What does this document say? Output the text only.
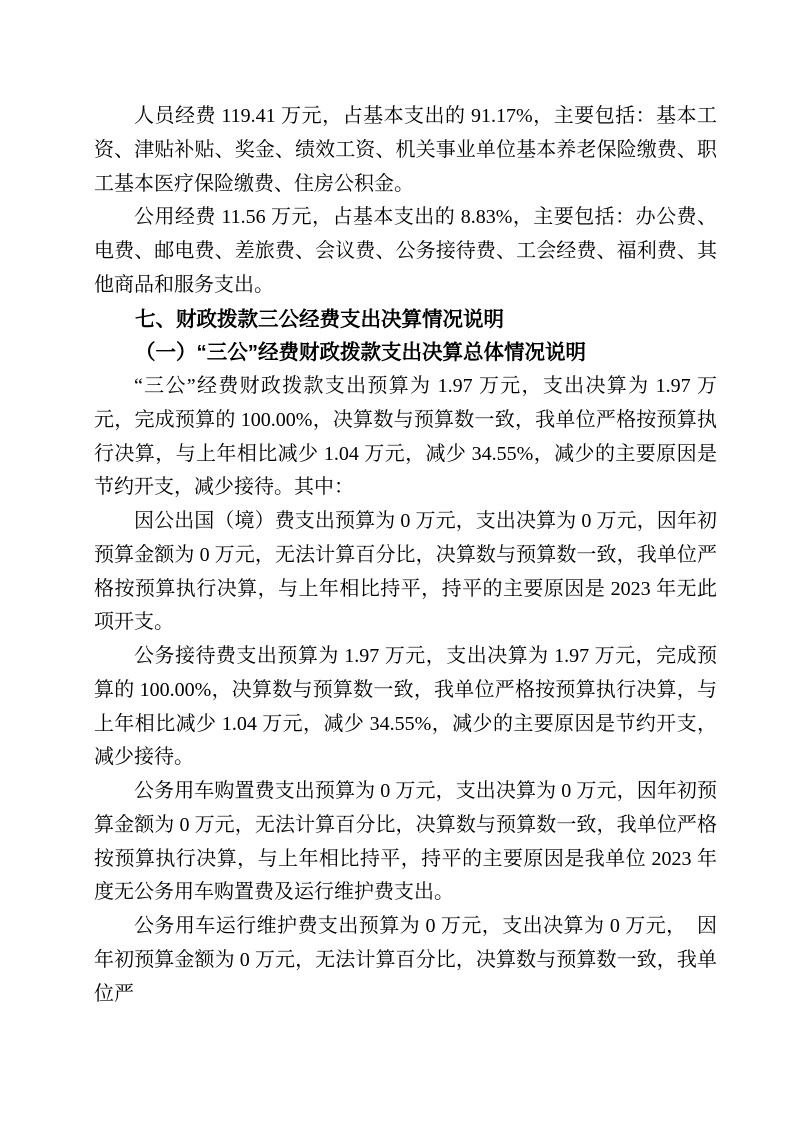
人员经费 119.41 万元，占基本支出的 91.17%，主要包括：基本工资、津贴补贴、奖金、绩效工资、机关事业单位基本养老保险缴费、职工基本医疗保险缴费、住房公积金。

公用经费 11.56 万元，占基本支出的 8.83%，主要包括：办公费、电费、邮电费、差旅费、会议费、公务接待费、工会经费、福利费、其他商品和服务支出。

七、财政拨款三公经费支出决算情况说明
（一）“三公”经费财政拨款支出决算总体情况说明

“三公”经费财政拨款支出预算为 1.97 万元，支出决算为 1.97 万元，完成预算的 100.00%，决算数与预算数一致，我单位严格按预算执行决算，与上年相比减少 1.04 万元，减少 34.55%，减少的主要原因是节约开支，减少接待。其中：

因公出国（境）费支出预算为 0 万元，支出决算为 0 万元，因年初预算金额为 0 万元，无法计算百分比，决算数与预算数一致，我单位严格按预算执行决算，与上年相比持平，持平的主要原因是 2023 年无此项开支。

公务接待费支出预算为 1.97 万元，支出决算为 1.97 万元，完成预算的 100.00%，决算数与预算数一致，我单位严格按预算执行决算，与上年相比减少 1.04 万元，减少 34.55%，减少的主要原因是节约开支，减少接待。

公务用车购置费支出预算为 0 万元，支出决算为 0 万元，因年初预算金额为 0 万元，无法计算百分比，决算数与预算数一致，我单位严格按预算执行决算，与上年相比持平，持平的主要原因是我单位 2023 年度无公务用车购置费及运行维护费支出。

公务用车运行维护费支出预算为 0 万元，支出决算为 0 万元，　因年初预算金额为 0 万元，无法计算百分比，决算数与预算数一致，我单位严
